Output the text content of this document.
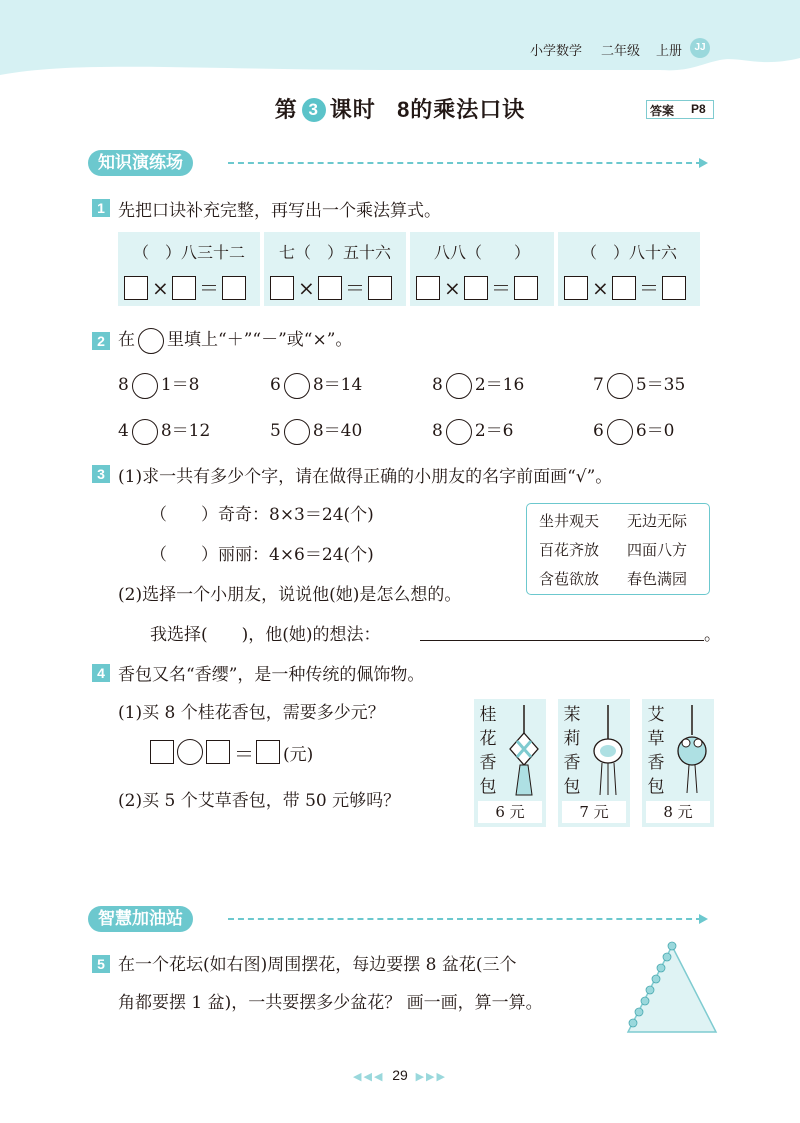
小学数学 二年级 上册	JJ
第 3 课时 8的乘法口诀	答案 P8
知识演练场
1 先把口诀补充完整，再写出一个乘法算式。
（　）八三十二
× ＝
七（　）五十六
× ＝
八八（　　）
× ＝
（　）八十六
× ＝
2 在 里填上“＋”“－”或“×”。
8 1＝8	6 8＝14	8 2＝16	7 5＝35
4 8＝12	5 8＝40	8 2＝6	6 6＝0
3 (1)求一共有多少个字，请在做得正确的小朋友的名字前面画“√”。
（　　）奇奇：8×3＝24(个)
（　　）丽丽：4×6＝24(个)
(2)选择一个小朋友，说说他(她)是怎么想的。
我选择(　　)，他(她)的想法：	。
坐井观天 无边无际
百花齐放 四面八方
含苞欲放 春色满园
4 香包又名“香缨”，是一种传统的佩饰物。
(1)买 8 个桂花香包，需要多少元？
＝ (元)
(2)买 5 个艾草香包，带 50 元够吗？
桂花香包
6 元
茉莉香包
7 元
艾草香包
8 元
智慧加油站
5 在一个花坛(如右图)周围摆花，每边要摆 8 盆花(三个
角都要摆 1 盆)，一共要摆多少盆花？ 画一画，算一算。
◀◀◀ 29 ▶▶▶
